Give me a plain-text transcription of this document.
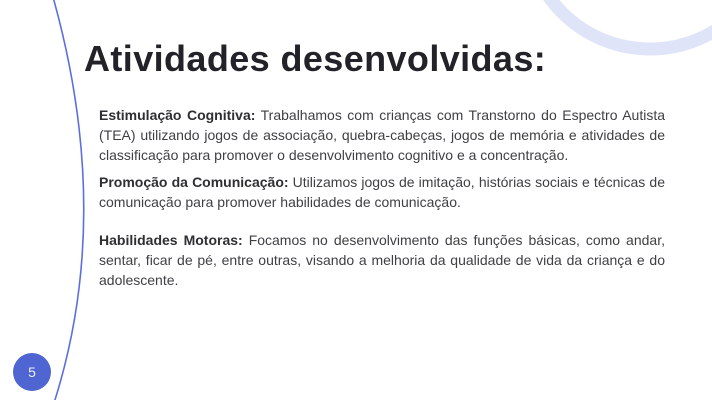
Atividades desenvolvidas:

Estimulação Cognitiva: Trabalhamos com crianças com Transtorno do Espectro Autista (TEA) utilizando jogos de associação, quebra-cabeças, jogos de memória e atividades de classificação para promover o desenvolvimento cognitivo e a concentração.

Promoção da Comunicação: Utilizamos jogos de imitação, histórias sociais e técnicas de comunicação para promover habilidades de comunicação.

Habilidades Motoras: Focamos no desenvolvimento das funções básicas, como andar, sentar, ficar de pé, entre outras, visando a melhoria da qualidade de vida da criança e do adolescente.

5
